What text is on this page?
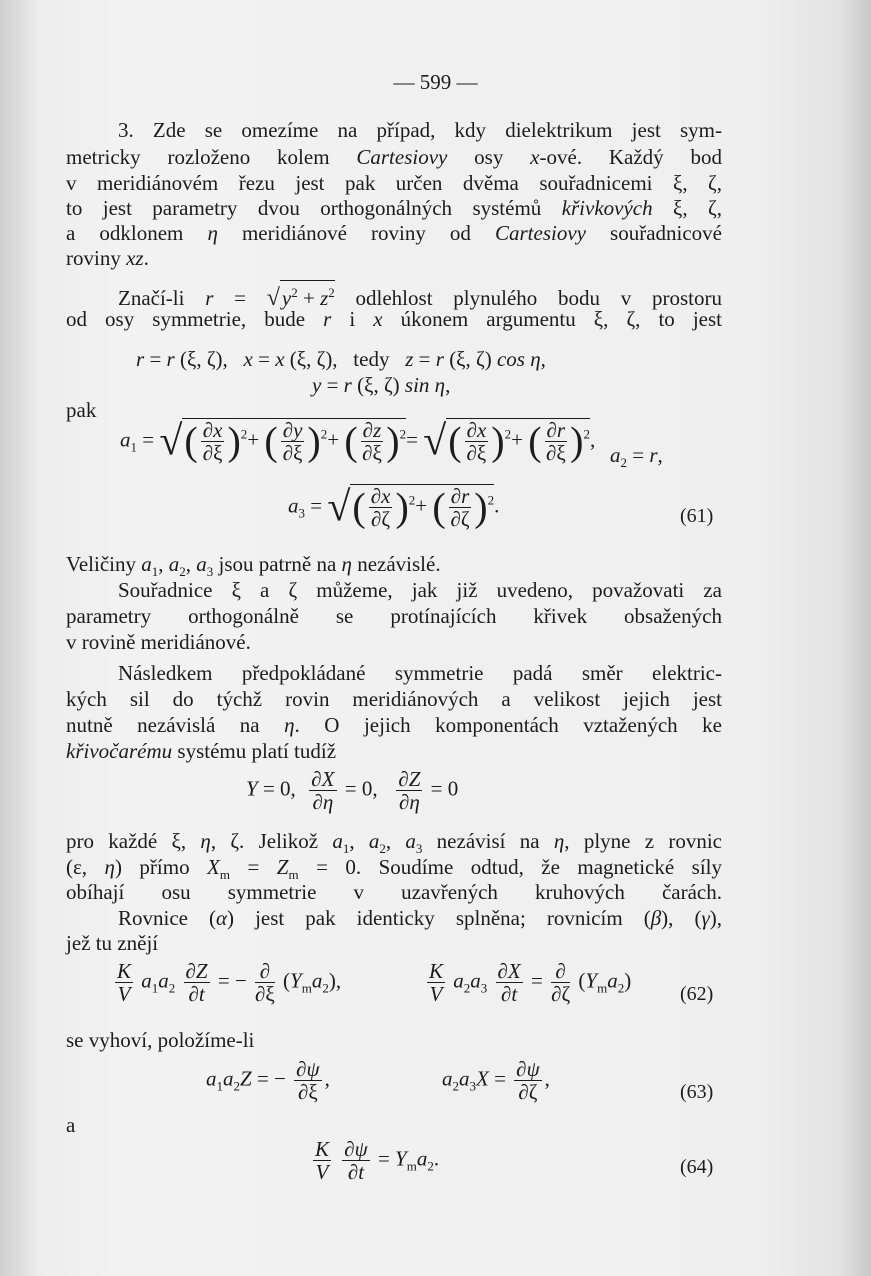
— 599 —
3. Zde se omezíme na případ, kdy dielektrikum jest sym-
metricky rozloženo kolem Cartesiovy osy x-ové. Každý bod
v meridiánovém řezu jest pak určen dvěma souřadnicemi ξ, ζ,
to jest parametry dvou orthogonálných systémů křivkových ξ, ζ,
a odklonem η meridiánové roviny od Cartesiovy souřadnicové
roviny xz.
Značí-li $r = √y^2 + z^2$ odlehlost plynulého bodu v prostoru
od osy symmetrie, bude r i x úkonem argumentu ξ, ζ, to jest
r = r (ξ, ζ),   x = x (ξ, ζ),   tedy   z = r (ξ, ζ) cos η,
y = r (ξ, ζ) sin η,
pak
$a_1$ = √( $\frac{\partial x}{\partial\xi} )^2+$ ( $\frac{\partial y}{\partial\xi} )^2+$ ( $\frac{\partial z}{\partial\xi} )^2=$ √( $\frac{\partial x}{\partial\xi} )^2+$ ( $\frac{\partial r}{\partial\xi} )^2$,
$a_2 = r$,
$a_3$ = √( $\frac{\partial x}{\partial\zeta} )^2+$ ( $\frac{\partial r}{\partial\zeta} )^2$.	(61)
Veličiny $a_1$, $a_2$, $a_3$ jsou patrně na η nezávislé.
Souřadnice ξ a ζ můžeme, jak již uvedeno, považovati za
parametry orthogonálně se protínajících křivek obsažených
v rovině meridiánové.
Následkem předpokládané symmetrie padá směr elektric-
kých sil do týchž rovin meridiánových a velikost jejich jest
nutně nezávislá na η. O jejich komponentách vztažených ke
křivočarému systému platí tudíž
Y = 0, $\frac{\partial X}{\partial\eta} = 0$, $\frac{\partial Z}{\partial\eta} = 0$
pro každé ξ, η, ζ. Jelikož $a_1$, $a_2$, $a_3$ nezávisí na η, plyne z rovnic
(ε, η) přímo $X_m = Z_m = 0$. Soudíme odtud, že magnetické síly
obíhají osu symmetrie v uzavřených kruhových čarách.
Rovnice (α) jest pak identicky splněna; rovnicím (β), (γ),
jež tu znějí
$\frac{K}{V} a_1a_2 \frac{\partial Z}{\partial t}$ = − $\frac{\partial}{\partial\xi} (Y_ma_2)$,	$\frac{K}{V} a_2a_3 \frac{\partial X}{\partial t} = \frac{\partial}{\partial\zeta} (Y_ma_2)$
(62)
se vyhoví, položíme-li
$a_1a_2Z$ = − $\frac{\partial\psi}{\partial\xi}$ ,	$a_2a_3X = \frac{\partial\psi}{\partial\zeta}$ ,
(63)
a
$\frac{K}{V}$
$\frac{\partial\psi}{\partial t} = Y_ma_2$.	(64)
